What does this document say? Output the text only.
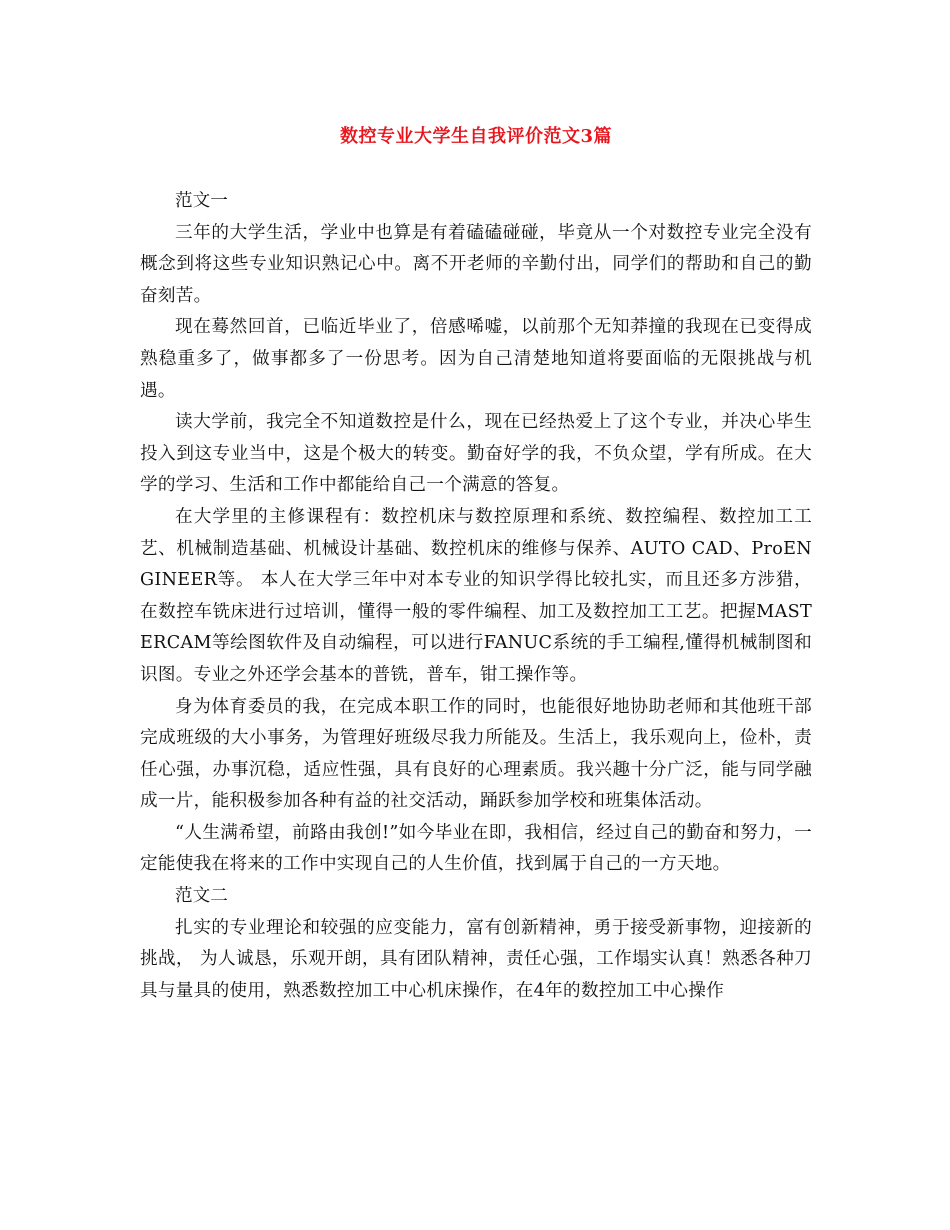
数控专业大学生自我评价范文3篇

范文一

三年的大学生活，学业中也算是有着磕磕碰碰，毕竟从一个对数控专业完全没有概念到将这些专业知识熟记心中。离不开老师的辛勤付出，同学们的帮助和自己的勤奋刻苦。

现在蓦然回首，已临近毕业了，倍感唏嘘，以前那个无知莽撞的我现在已变得成熟稳重多了，做事都多了一份思考。因为自己清楚地知道将要面临的无限挑战与机遇。

读大学前，我完全不知道数控是什么，现在已经热爱上了这个专业，并决心毕生投入到这专业当中，这是个极大的转变。勤奋好学的我，不负众望，学有所成。在大学的学习、生活和工作中都能给自己一个满意的答复。

在大学里的主修课程有：数控机床与数控原理和系统、数控编程、数控加工工艺、机械制造基础、机械设计基础、数控机床的维修与保养、AUTO CAD、ProENGINEER等。 本人在大学三年中对本专业的知识学得比较扎实，而且还多方涉猎，在数控车铣床进行过培训，懂得一般的零件编程、加工及数控加工工艺。把握MASTERCAM等绘图软件及自动编程，可以进行FANUC系统的手工编程,懂得机械制图和识图。专业之外还学会基本的普铣，普车，钳工操作等。

身为体育委员的我，在完成本职工作的同时，也能很好地协助老师和其他班干部完成班级的大小事务，为管理好班级尽我力所能及。生活上，我乐观向上，俭朴，责任心强，办事沉稳，适应性强，具有良好的心理素质。我兴趣十分广泛，能与同学融成一片，能积极参加各种有益的社交活动，踊跃参加学校和班集体活动。

“人生满希望，前路由我创!”如今毕业在即，我相信，经过自己的勤奋和努力，一定能使我在将来的工作中实现自己的人生价值，找到属于自己的一方天地。

范文二

扎实的专业理论和较强的应变能力，富有创新精神，勇于接受新事物，迎接新的挑战， 为人诚恳，乐观开朗，具有团队精神，责任心强，工作塌实认真！熟悉各种刀具与量具的使用，熟悉数控加工中心机床操作，在4年的数控加工中心操作
